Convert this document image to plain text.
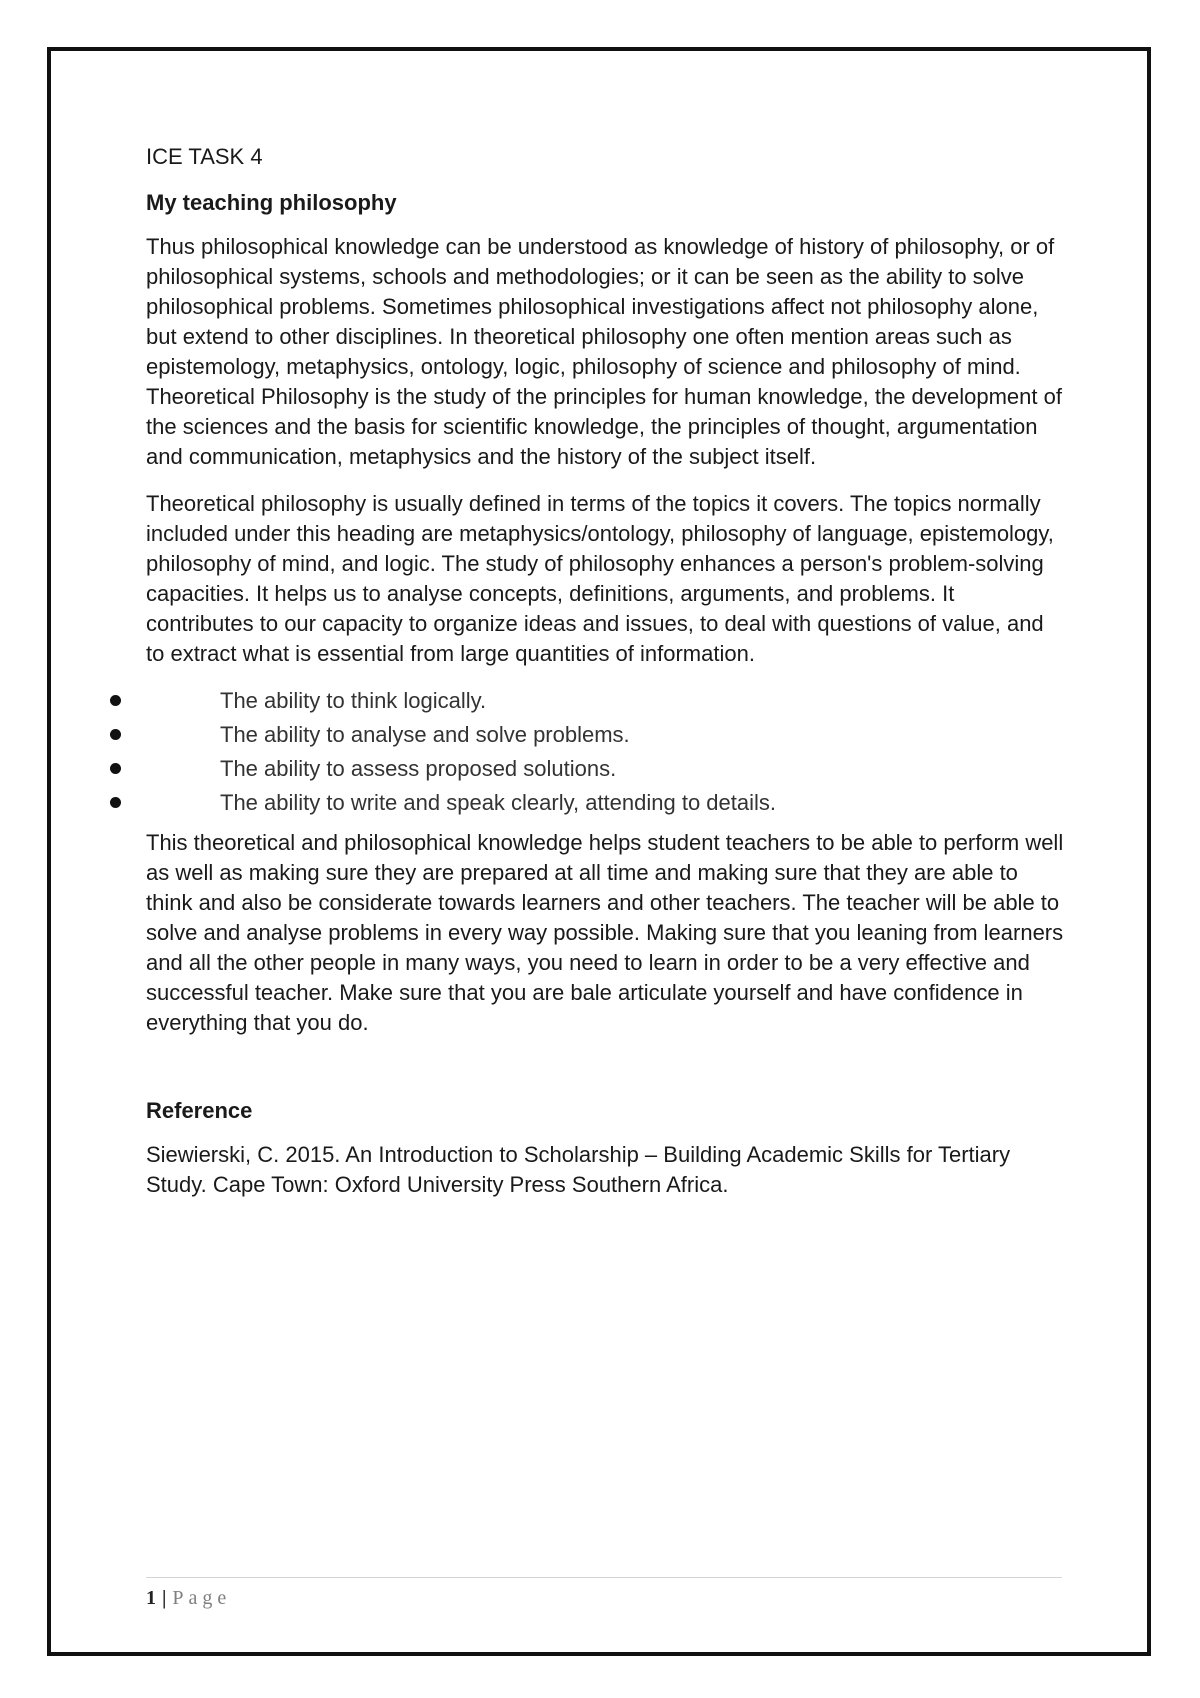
ICE TASK 4
My teaching philosophy

Thus philosophical knowledge can be understood as knowledge of history of philosophy, or of philosophical systems, schools and methodologies; or it can be seen as the ability to solve philosophical problems. Sometimes philosophical investigations affect not philosophy alone, but extend to other disciplines. In theoretical philosophy one often mention areas such as epistemology, metaphysics, ontology, logic, philosophy of science and philosophy of mind. Theoretical Philosophy is the study of the principles for human knowledge, the development of the sciences and the basis for scientific knowledge, the principles of thought, argumentation and communication, metaphysics and the history of the subject itself.

Theoretical philosophy is usually defined in terms of the topics it covers. The topics normally included under this heading are metaphysics/ontology, philosophy of language, epistemology, philosophy of mind, and logic. The study of philosophy enhances a person's problem-solving capacities. It helps us to analyse concepts, definitions, arguments, and problems. It contributes to our capacity to organize ideas and issues, to deal with questions of value, and to extract what is essential from large quantities of information.

The ability to think logically.
The ability to analyse and solve problems.
The ability to assess proposed solutions.
The ability to write and speak clearly, attending to details.

This theoretical and philosophical knowledge helps student teachers to be able to perform well as well as making sure they are prepared at all time and making sure that they are able to think and also be considerate towards learners and other teachers. The teacher will be able to solve and analyse problems in every way possible. Making sure that you leaning from learners and all the other people in many ways, you need to learn in order to be a very effective and successful teacher. Make sure that you are bale articulate yourself and have confidence in everything that you do.

Reference

Siewierski, C. 2015. An Introduction to Scholarship – Building Academic Skills for Tertiary Study. Cape Town: Oxford University Press Southern Africa.

1 | Page
